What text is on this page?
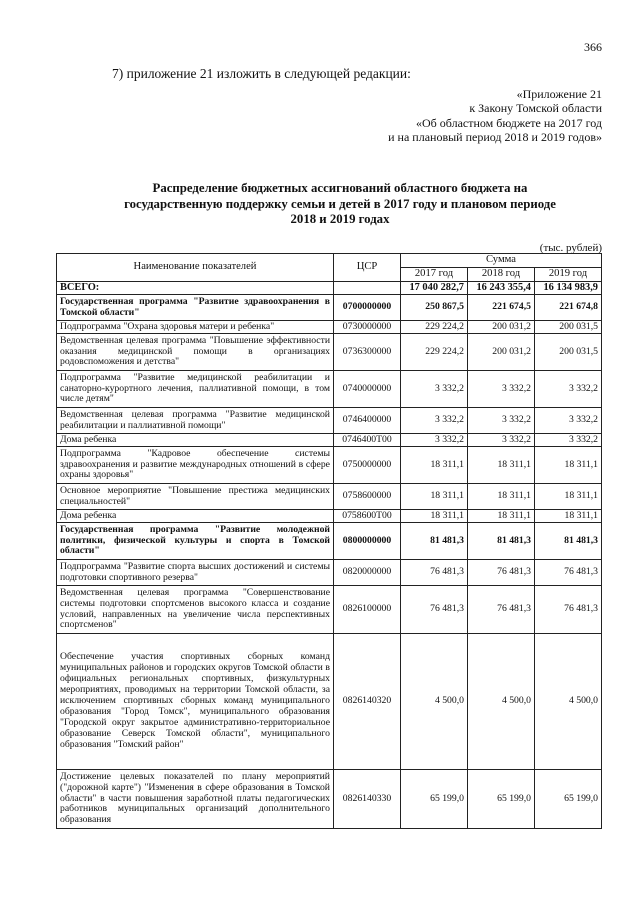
366
7) приложение 21 изложить в следующей редакции:
«Приложение 21
к Закону Томской области
«Об областном бюджете на 2017 год
и на плановый период 2018 и 2019 годов»
Распределение бюджетных ассигнований областного бюджета на
государственную поддержку семьи и детей в 2017 году и плановом периоде
2018 и 2019 годах
(тыс. рублей)
Наименование показателей	ЦСР	Сумма		
		2017 год	2018 год	2019 год
ВСЕГО:		17 040 282,7	16 243 355,4	16 134 983,9
Государственная программа "Развитие здравоохранения в Томской области"	0700000000	250 867,5	221 674,5	221 674,8
Подпрограмма "Охрана здоровья матери и ребенка"	0730000000	229 224,2	200 031,2	200 031,5
Ведомственная целевая программа "Повышение эффективности оказания медицинской помощи в организациях родовспоможения и детства"	0736300000	229 224,2	200 031,2	200 031,5
Подпрограмма "Развитие медицинской реабилитации и санаторно-курортного лечения, паллиативной помощи, в том числе детям"	0740000000	3 332,2	3 332,2	3 332,2
Ведомственная целевая программа "Развитие медицинской реабилитации и паллиативной помощи"	0746400000	3 332,2	3 332,2	3 332,2
Дома ребенка	0746400Т00	3 332,2	3 332,2	3 332,2
Подпрограмма "Кадровое обеспечение системы здравоохранения и развитие международных отношений в сфере охраны здоровья"	0750000000	18 311,1	18 311,1	18 311,1
Основное мероприятие "Повышение престижа медицинских специальностей"	0758600000	18 311,1	18 311,1	18 311,1
Дома ребенка	0758600Т00	18 311,1	18 311,1	18 311,1
Государственная программа "Развитие молодежной политики, физической культуры и спорта в Томской области"	0800000000	81 481,3	81 481,3	81 481,3
Подпрограмма "Развитие спорта высших достижений и системы подготовки спортивного резерва"	0820000000	76 481,3	76 481,3	76 481,3
Ведомственная целевая программа "Совершенствование системы подготовки спортсменов высокого класса и создание условий, направленных на увеличение числа перспективных спортсменов"	0826100000	76 481,3	76 481,3	76 481,3
Обеспечение участия спортивных сборных команд муниципальных районов и городских округов Томской области в официальных региональных спортивных, физкультурных мероприятиях, проводимых на территории Томской области, за исключением спортивных сборных команд муниципального образования "Город Томск", муниципального образования "Городской округ закрытое административно-территориальное образование Северск Томской области", муниципального образования "Томский район"	0826140320	4 500,0	4 500,0	4 500,0
Достижение целевых показателей по плану мероприятий ("дорожной карте") "Изменения в сфере образования в Томской области" в части повышения заработной платы педагогических работников муниципальных организаций дополнительного образования	0826140330	65 199,0	65 199,0	65 199,0
